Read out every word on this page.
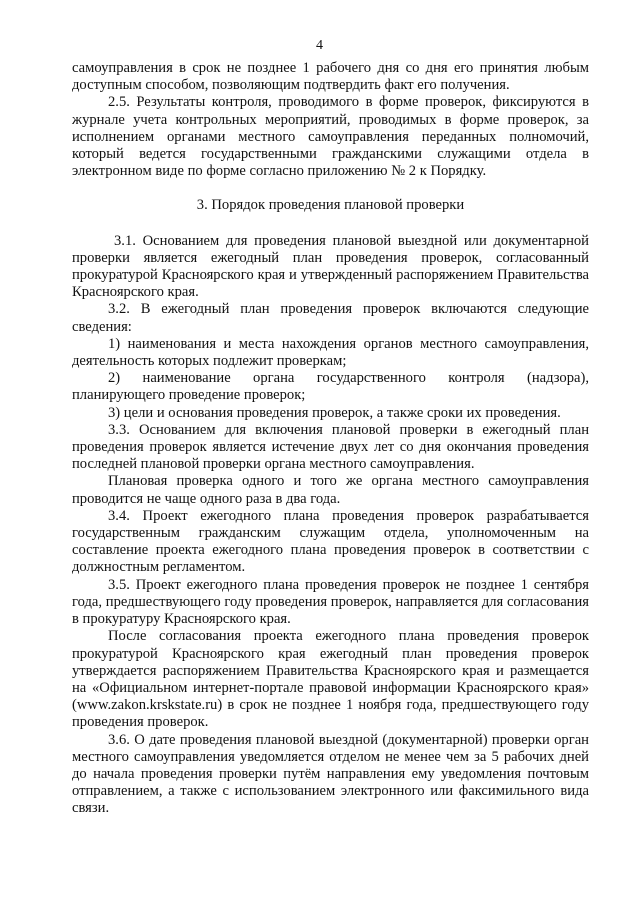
4

самоуправления в срок не позднее 1 рабочего дня со дня его принятия любым доступным способом, позволяющим подтвердить факт его получения.

2.5. Результаты контроля, проводимого в форме проверок, фиксируются в журнале учета контрольных мероприятий, проводимых в форме проверок, за исполнением органами местного самоуправления переданных полномочий, который ведется государственными гражданскими служащими отдела в электронном виде по форме согласно приложению № 2 к Порядку.

3. Порядок проведения плановой проверки

3.1. Основанием для проведения плановой выездной или документарной проверки является ежегодный план проведения проверок, согласованный прокуратурой Красноярского края и утвержденный распоряжением Правительства Красноярского края.

3.2. В ежегодный план проведения проверок включаются следующие сведения:

1) наименования и места нахождения органов местного самоуправления, деятельность которых подлежит проверкам;

2) наименование органа государственного контроля (надзора), планирующего проведение проверок;

3) цели и основания проведения проверок, а также сроки их проведения.

3.3. Основанием для включения плановой проверки в ежегодный план проведения проверок является истечение двух лет со дня окончания проведения последней плановой проверки органа местного самоуправления.

Плановая проверка одного и того же органа местного самоуправления проводится не чаще одного раза в два года.

3.4. Проект ежегодного плана проведения проверок разрабатывается государственным гражданским служащим отдела, уполномоченным на составление проекта ежегодного плана проведения проверок в соответствии с должностным регламентом.

3.5. Проект ежегодного плана проведения проверок не позднее 1 сентября года, предшествующего году проведения проверок, направляется для согласования в прокуратуру Красноярского края.

После согласования проекта ежегодного плана проведения проверок прокуратурой Красноярского края ежегодный план проведения проверок утверждается распоряжением Правительства Красноярского края и размещается на «Официальном интернет-портале правовой информации Красноярского края» (www.zakon.krskstate.ru) в срок не позднее 1 ноября года, предшествующего году проведения проверок.

3.6. О дате проведения плановой выездной (документарной) проверки орган местного самоуправления уведомляется отделом не менее чем за 5 рабочих дней до начала проведения проверки путём направления ему уведомления почтовым отправлением, а также с использованием электронного или факсимильного вида связи.
